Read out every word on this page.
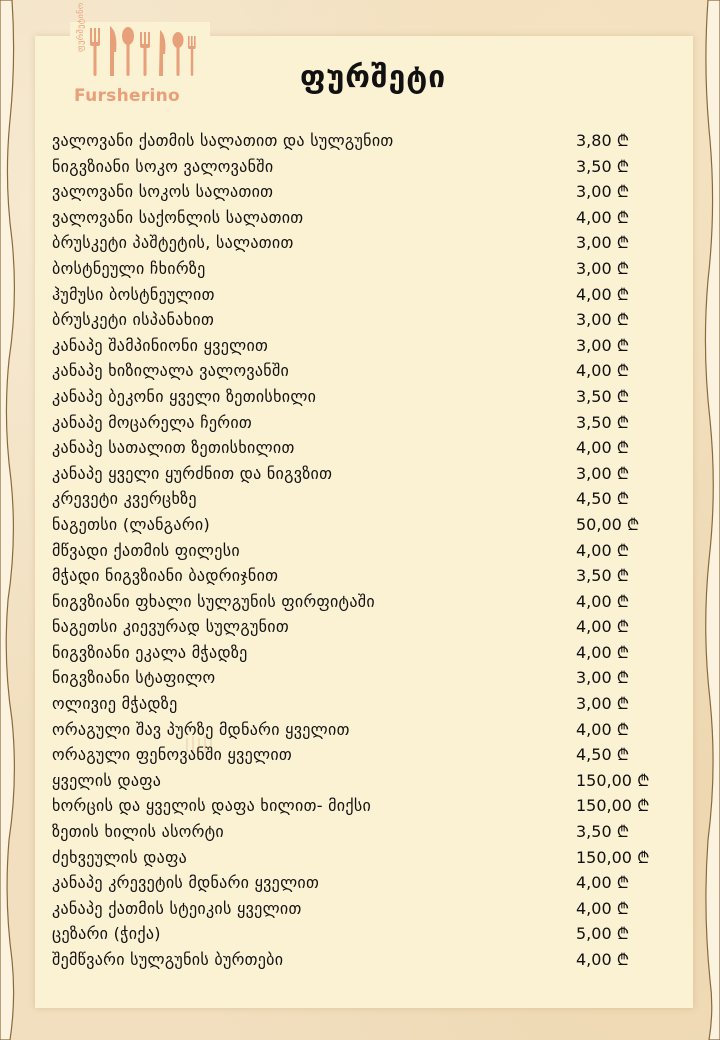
ფურშეტინო
Fursherino
ფურშეტი
ვალოვანი ქათმის სალათით და სულგუნით	3,80 ₾
ნიგვზიანი სოკო ვალოვანში	3,50 ₾
ვალოვანი სოკოს სალათით	3,00 ₾
ვალოვანი საქონლის სალათით	4,00 ₾
ბრუსკეტი პაშტეტის, სალათით	3,00 ₾
ბოსტნეული ჩხირზე	3,00 ₾
ჰუმუსი ბოსტნეულით	4,00 ₾
ბრუსკეტი ისპანახით	3,00 ₾
კანაპე შამპინიონი ყველით	3,00 ₾
კანაპე ხიზილალა ვალოვანში	4,00 ₾
კანაპე ბეკონი ყველი ზეთისხილი	3,50 ₾
კანაპე მოცარელა ჩერით	3,50 ₾
კანაპე სათალით ზეთისხილით	4,00 ₾
კანაპე ყველი ყურძნით და ნიგვზით	3,00 ₾
კრევეტი კვერცხზე	4,50 ₾
ნაგეთსი (ლანგარი)	50,00 ₾
მწვადი ქათმის ფილესი	4,00 ₾
მჭადი ნიგვზიანი ბადრიჯნით	3,50 ₾
ნიგვზიანი ფხალი სულგუნის ფირფიტაში	4,00 ₾
ნაგეთსი კიევურად სულგუნით	4,00 ₾
ნიგვზიანი ეკალა მჭადზე	4,00 ₾
ნიგვზიანი სტაფილო	3,00 ₾
ოლივიე მჭადზე	3,00 ₾
ორაგული შავ პურზე მდნარი ყველით	4,00 ₾
ორაგული ფენოვანში ყველით	4,50 ₾
ყველის დაფა	150,00 ₾
ხორცის და ყველის დაფა ხილით- მიქსი	150,00 ₾
ზეთის ხილის ასორტი	3,50 ₾
ძეხვეულის დაფა	150,00 ₾
კანაპე კრევეტის მდნარი ყველით	4,00 ₾
კანაპე ქათმის სტეიკის ყველით	4,00 ₾
ცეზარი (ჭიქა)	5,00 ₾
შემწვარი სულგუნის ბურთები	4,00 ₾
